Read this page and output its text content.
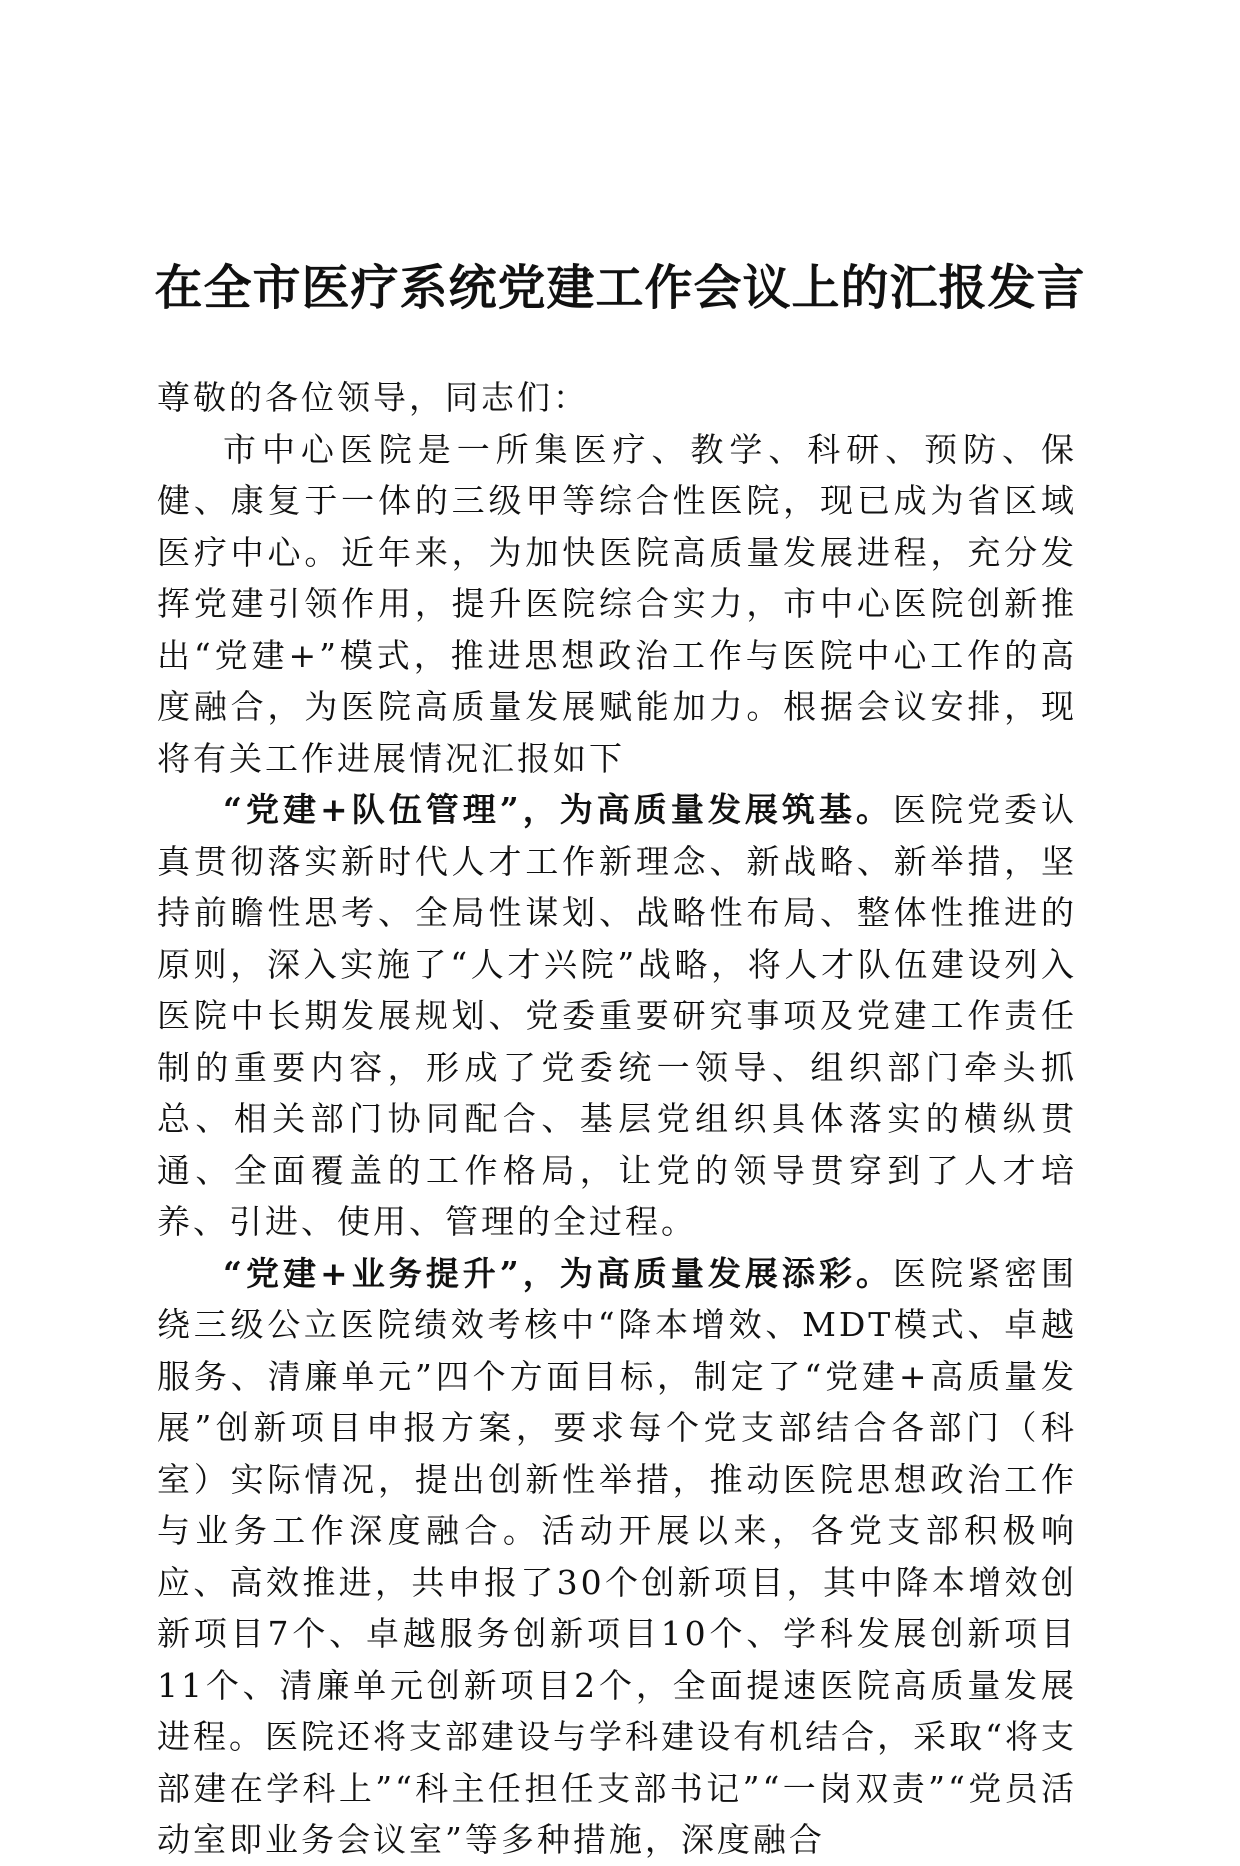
在全市医疗系统党建工作会议上的汇报发言

尊敬的各位领导，同志们：

市中心医院是一所集医疗、教学、科研、预防、保健、康复于一体的三级甲等综合性医院，现已成为省区域医疗中心。近年来，为加快医院高质量发展进程，充分发挥党建引领作用，提升医院综合实力，市中心医院创新推出“党建+”模式，推进思想政治工作与医院中心工作的高度融合，为医院高质量发展赋能加力。根据会议安排，现将有关工作进展情况汇报如下

“党建+队伍管理”，为高质量发展筑基。医院党委认真贯彻落实新时代人才工作新理念、新战略、新举措，坚持前瞻性思考、全局性谋划、战略性布局、整体性推进的原则，深入实施了“人才兴院”战略，将人才队伍建设列入医院中长期发展规划、党委重要研究事项及党建工作责任制的重要内容，形成了党委统一领导、组织部门牵头抓总、相关部门协同配合、基层党组织具体落实的横纵贯通、全面覆盖的工作格局，让党的领导贯穿到了人才培养、引进、使用、管理的全过程。

“党建+业务提升”，为高质量发展添彩。医院紧密围绕三级公立医院绩效考核中“降本增效、MDT模式、卓越服务、清廉单元”四个方面目标，制定了“党建+高质量发展”创新项目申报方案，要求每个党支部结合各部门（科室）实际情况，提出创新性举措，推动医院思想政治工作与业务工作深度融合。活动开展以来，各党支部积极响应、高效推进，共申报了30个创新项目，其中降本增效创新项目7个、卓越服务创新项目10个、学科发展创新项目11个、清廉单元创新项目2个，全面提速医院高质量发展进程。医院还将支部建设与学科建设有机结合，采取“将支部建在学科上”“科主任担任支部书记”“一岗双责”“党员活动室即业务会议室”等多种措施，深度融合
